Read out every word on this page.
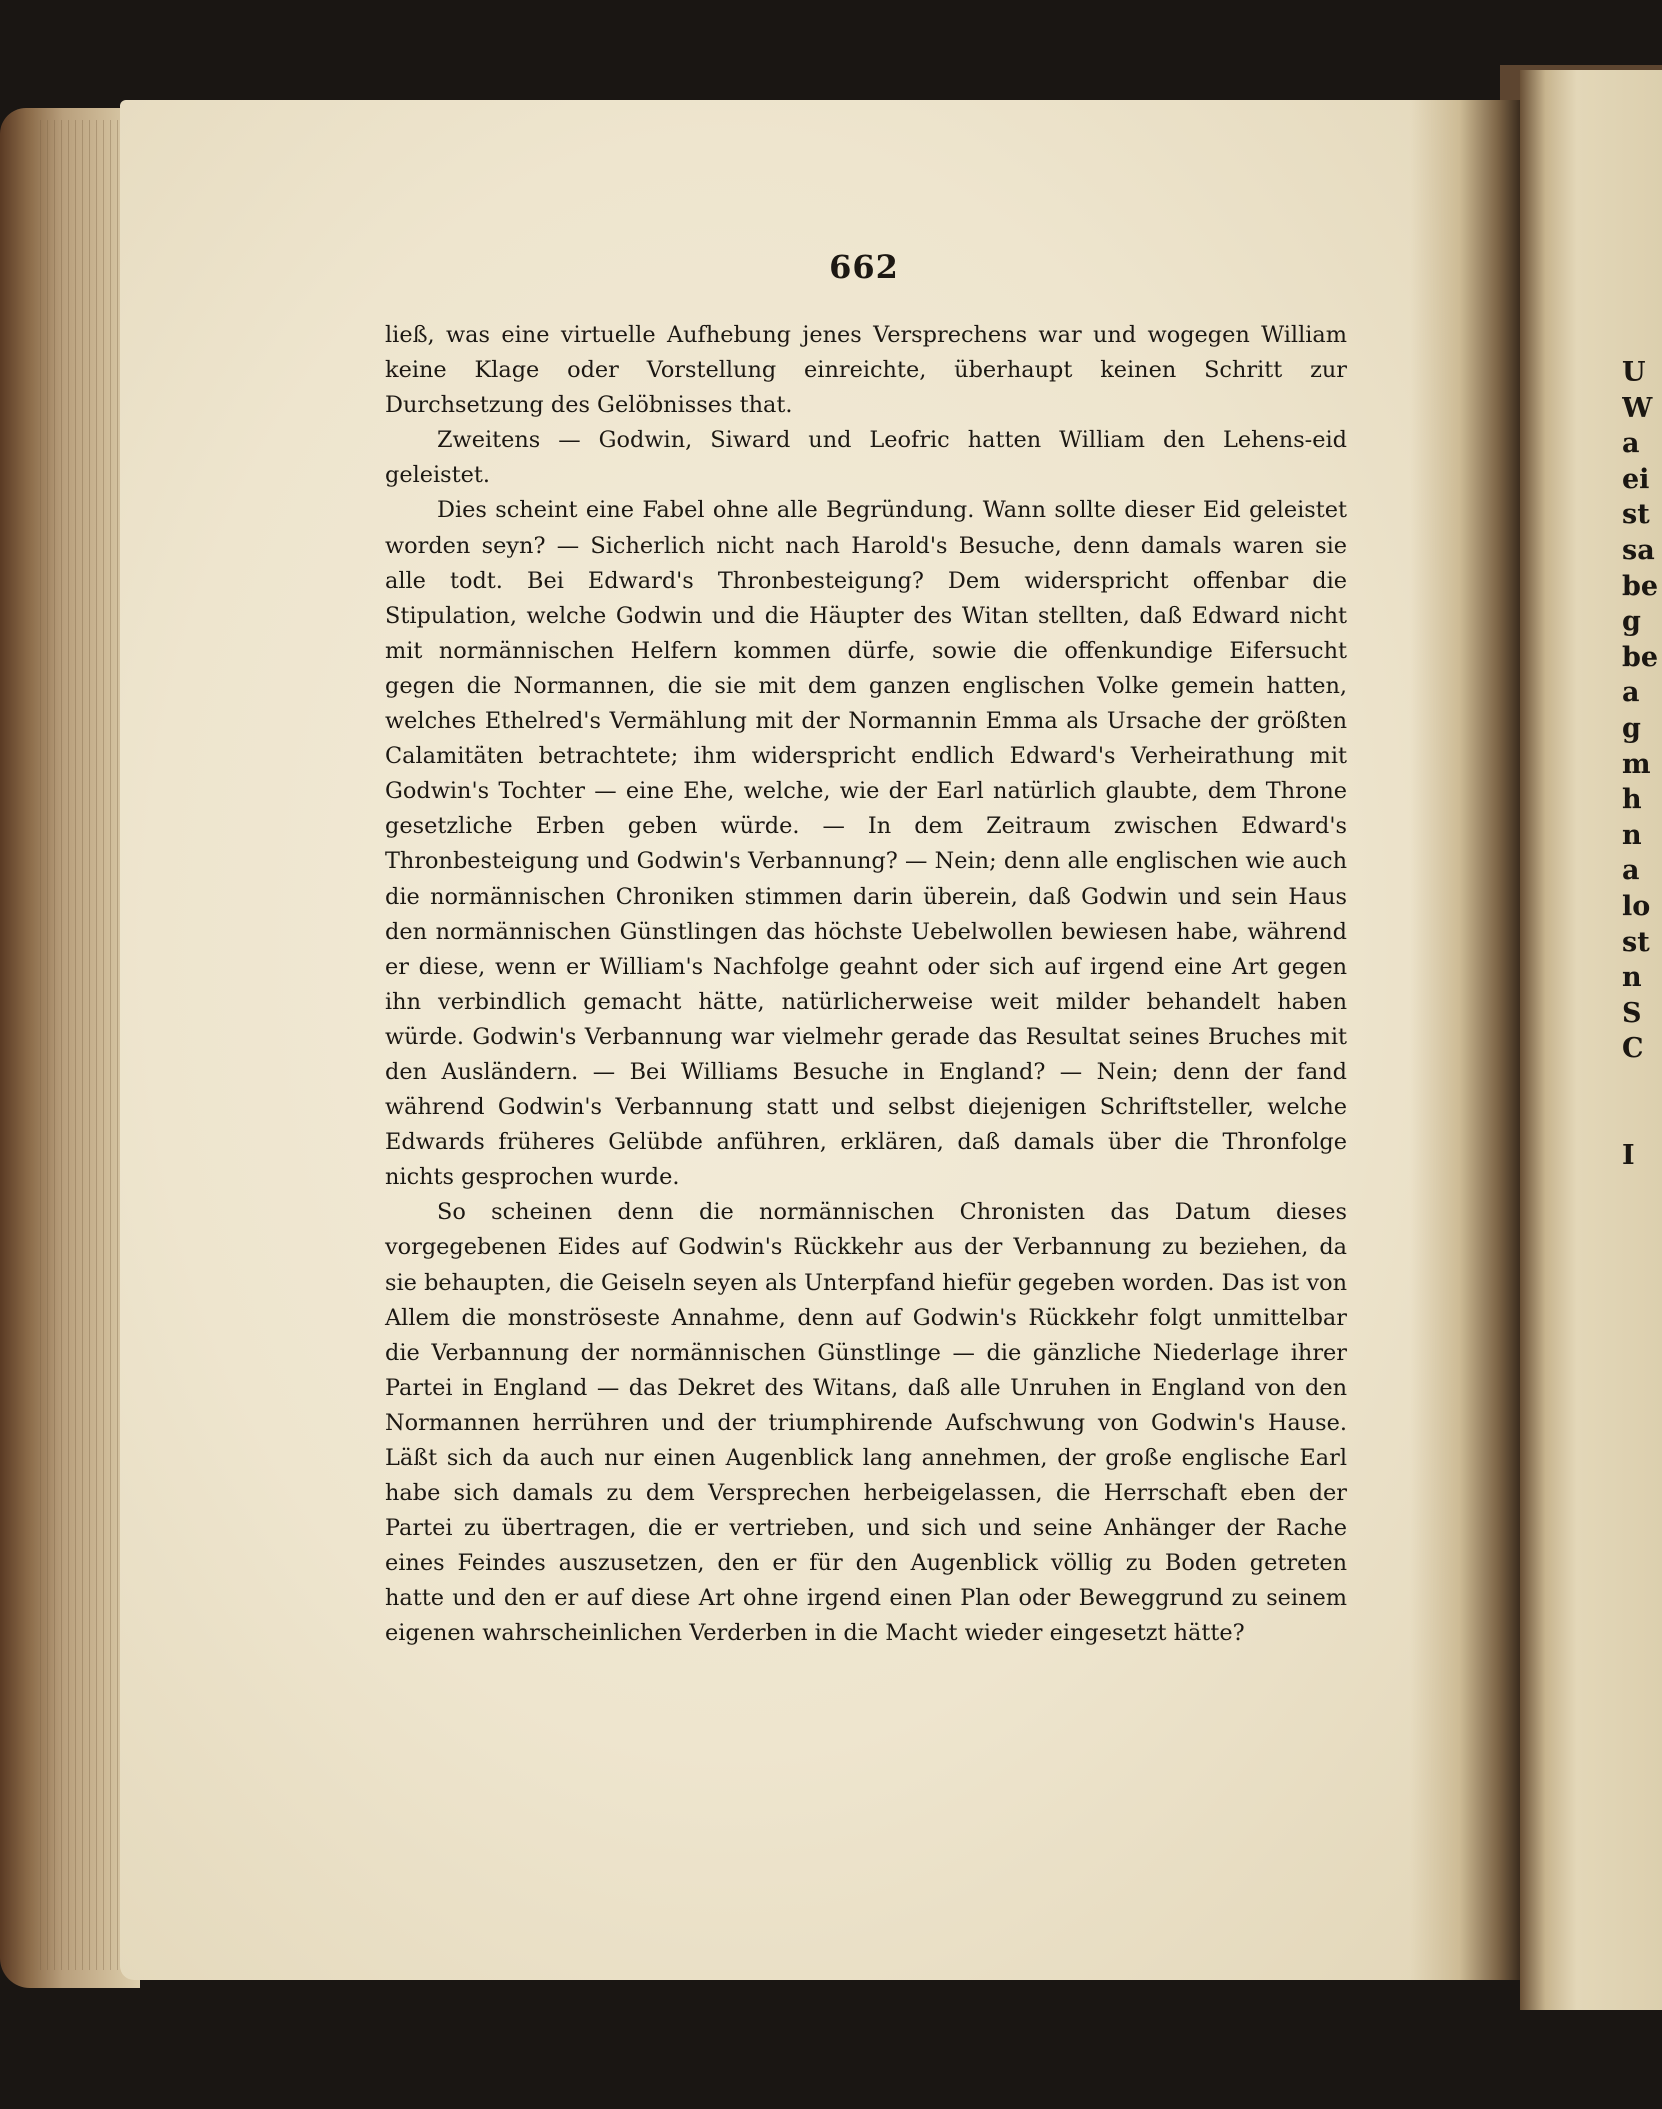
U
W
a
ei
st
sa
be
g
be
a
g
m
h
n
a
lo
st
n
S
C

I
662

ließ, was eine virtuelle Aufhebung jenes Versprechens war und wogegen William keine Klage oder Vorstellung einreichte, überhaupt keinen Schritt zur Durchsetzung des Gelöbnisses that.

Zweitens — Godwin, Siward und Leofric hatten William den Lehens-eid geleistet.

Dies scheint eine Fabel ohne alle Begründung. Wann sollte dieser Eid geleistet worden seyn? — Sicherlich nicht nach Harold's Besuche, denn damals waren sie alle todt. Bei Edward's Thronbesteigung? Dem widerspricht offenbar die Stipulation, welche Godwin und die Häupter des Witan stellten, daß Edward nicht mit normännischen Helfern kommen dürfe, sowie die offenkundige Eifersucht gegen die Normannen, die sie mit dem ganzen englischen Volke gemein hatten, welches Ethelred's Vermählung mit der Normannin Emma als Ursache der größten Calamitäten betrachtete; ihm widerspricht endlich Edward's Verheirathung mit Godwin's Tochter — eine Ehe, welche, wie der Earl natürlich glaubte, dem Throne gesetzliche Erben geben würde. — In dem Zeitraum zwischen Edward's Thronbesteigung und Godwin's Verbannung? — Nein; denn alle englischen wie auch die normännischen Chroniken stimmen darin überein, daß Godwin und sein Haus den normännischen Günstlingen das höchste Uebelwollen bewiesen habe, während er diese, wenn er William's Nachfolge geahnt oder sich auf irgend eine Art gegen ihn verbindlich gemacht hätte, natürlicherweise weit milder behandelt haben würde. Godwin's Verbannung war vielmehr gerade das Resultat seines Bruches mit den Ausländern. — Bei Williams Besuche in England? — Nein; denn der fand während Godwin's Verbannung statt und selbst diejenigen Schriftsteller, welche Edwards früheres Gelübde anführen, erklären, daß damals über die Thronfolge nichts gesprochen wurde.

So scheinen denn die normännischen Chronisten das Datum dieses vorgegebenen Eides auf Godwin's Rückkehr aus der Verbannung zu beziehen, da sie behaupten, die Geiseln seyen als Unterpfand hiefür gegeben worden. Das ist von Allem die monströseste Annahme, denn auf Godwin's Rückkehr folgt unmittelbar die Verbannung der normännischen Günstlinge — die gänzliche Niederlage ihrer Partei in England — das Dekret des Witans, daß alle Unruhen in England von den Normannen herrühren und der triumphirende Aufschwung von Godwin's Hause. Läßt sich da auch nur einen Augenblick lang annehmen, der große englische Earl habe sich damals zu dem Versprechen herbeigelassen, die Herrschaft eben der Partei zu übertragen, die er vertrieben, und sich und seine Anhänger der Rache eines Feindes auszusetzen, den er für den Augenblick völlig zu Boden getreten hatte und den er auf diese Art ohne irgend einen Plan oder Beweggrund zu seinem eigenen wahrscheinlichen Verderben in die Macht wieder eingesetzt hätte?
